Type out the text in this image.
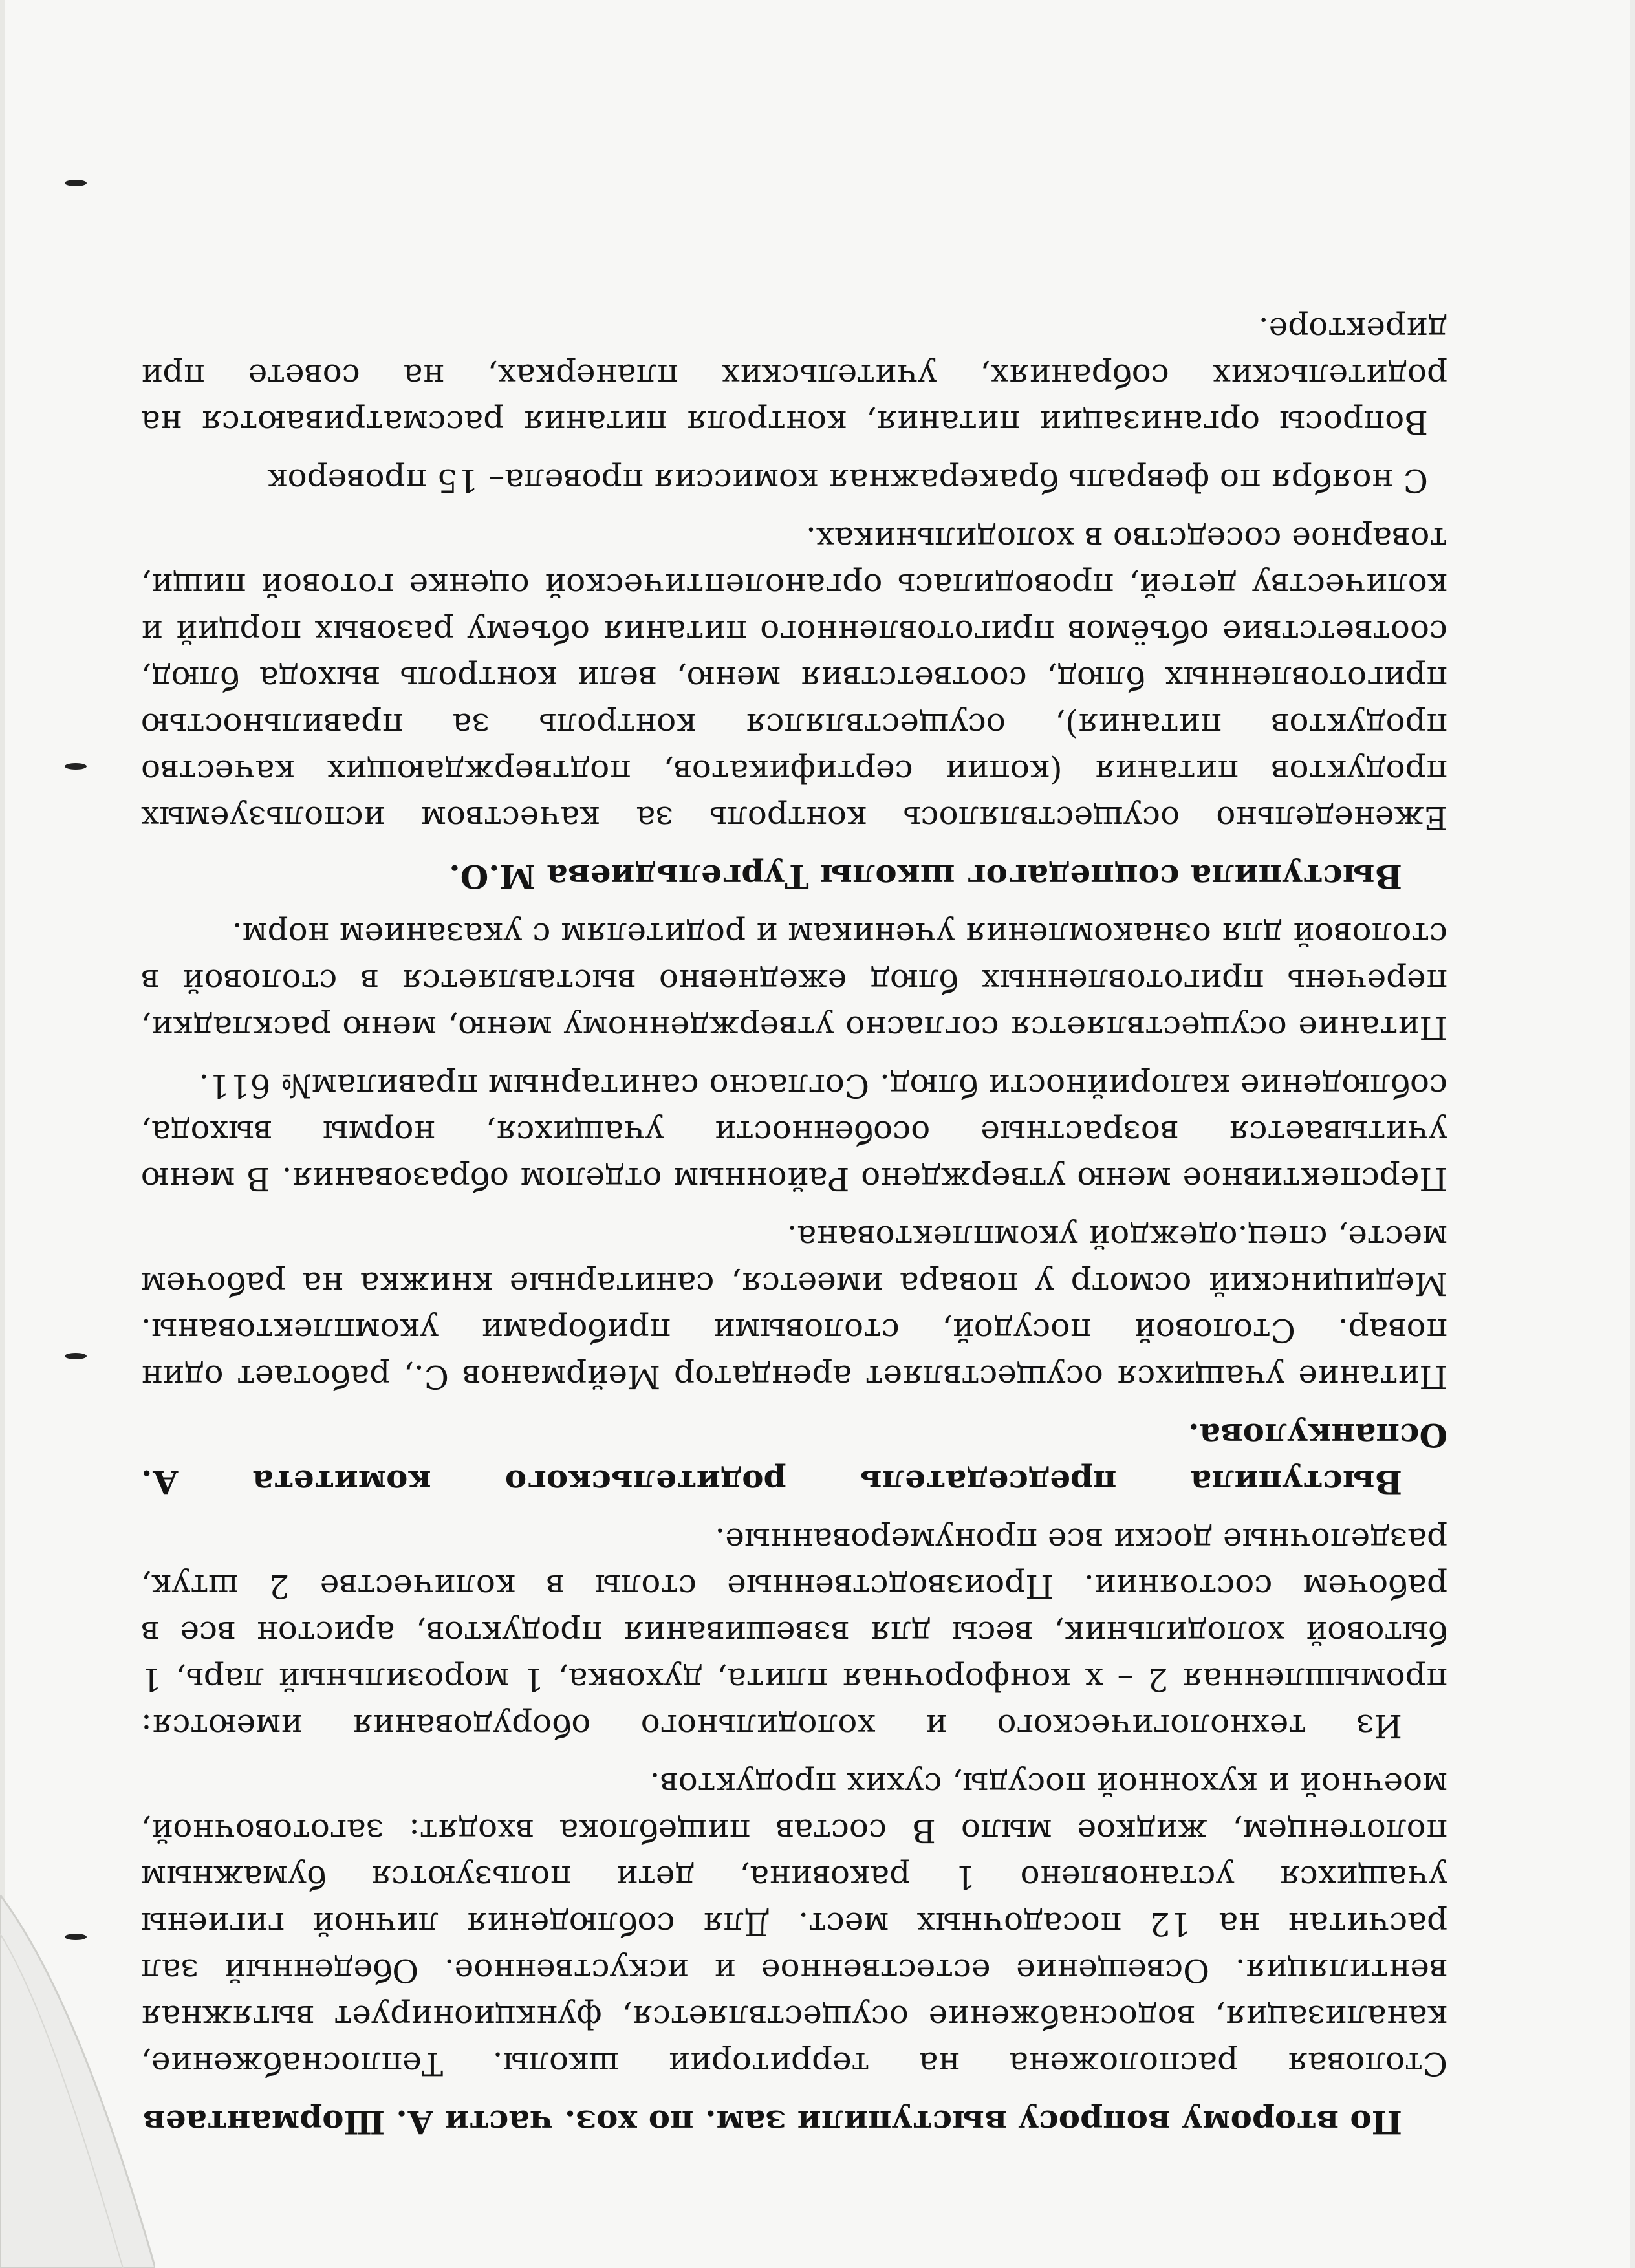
По второму вопросу выступили зам. по хоз. части А. Шормантаев
Столовая расположена на территории школы. Теплоснабжение, канализация, водоснабжение осуществляется, функционирует вытяжная вентиляция. Освещение естественное и искуственное. Обеденный зал расчитан на 12 посадочных мест. Для соблюдения личной гигиены учащихся установлено 1 раковина, дети пользуются бумажным полотенцем, жидкое мыло В состав пищеблока входят: заготовочной, моечной и кухонной посуды, сухих продуктов.
Из технологического и холодильного оборудования имеются: промышленная 2 – х конфорочная плита, духовка, 1 морозильный ларь, 1 бытовой холодильник, весы для взвешивания продуктов, аристон все в рабочем состоянии. Производственные столы в количестве 2 штук, разделочные доски все пронумерованные.
Выступила председатель родительского комитета А. Оспанкулова.
Питание учащихся осуществляет арендатор Мейрманов С., работает один повар. Столовой посудой, столовыми приборами укомплектованы. Медицинский осмотр у повара имеется, санитарные книжка на рабочем месте, спец.одеждой укомплектована.
Перспективное меню утверждено Районным отделом образования. В меню учитывается возрастные особенности учащихся, нормы выхода, соблюдение калорийности блюд. Согласно санитарным правилам№ 611.
Питание осуществляется согласно утвержденному меню, меню раскладки, перечень приготовленных блюд ежедневно выставляется в столовой в столовой для ознакомления ученикам и родителям с указанием норм.
Выступила соцпедагог школы Тургельдиева М.О.
Еженедельно осуществлялось контроль за качеством используемых продуктов питания (копии сертификатов, подтверждающих качество продуктов питания), осуществлялся контроль за правильностью приготовленных блюд, соответствия меню, вели контроль выхода блюд, соответствие объёмов приготовленного питания объему разовых порций и количеству детей, проводилась органолептической оценке готовой пищи, товарное соседство в холодильниках.
С ноября по февраль бракеражная комиссия провела– 15 проверок
Вопросы организации питания, контроля питания рассматриваются на родительских собраниях, учительских планерках, на совете при директоре.
